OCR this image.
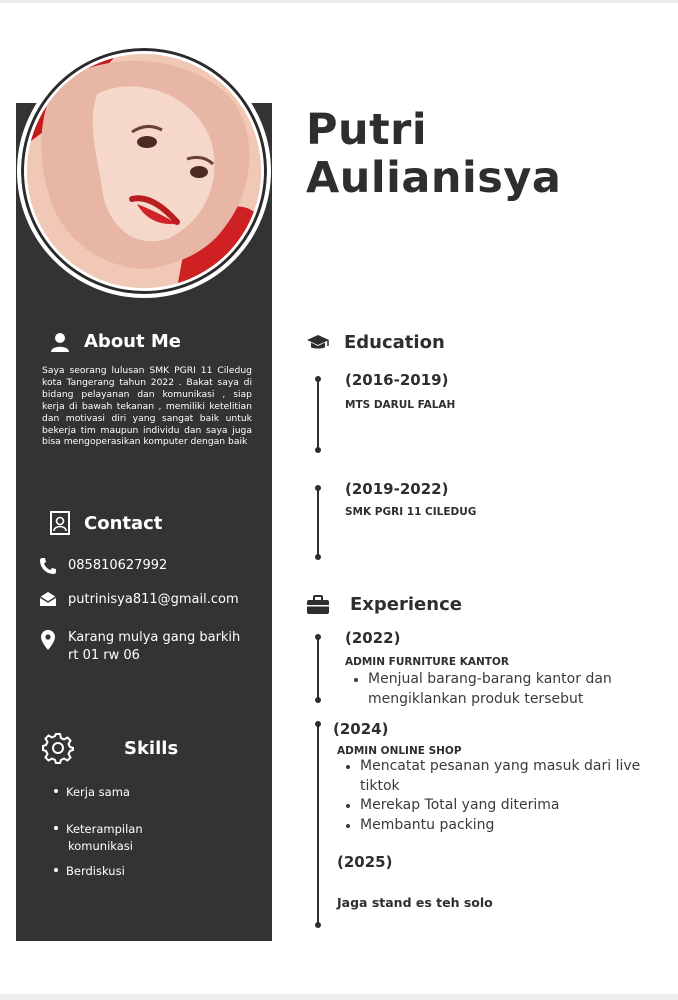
Putri
Aulianisya
About Me
Saya seorang lulusan SMK PGRI 11 Ciledug kota Tangerang tahun 2022 . Bakat saya di bidang pelayanan dan komunikasi , siap kerja di bawah tekanan , memiliki ketelitian dan motivasi diri yang sangat baik untuk bekerja tim maupun individu dan saya juga bisa mengoperasikan komputer dengan baik
Contact
085810627992
putrinisya811@gmail.com
Karang mulya gang barkih
rt 01 rw 06
Skills
Kerja sama
Keterampilan
komunikasi
Berdiskusi
Education
(2016-2019)
MTS DARUL FALAH
(2019-2022)
SMK PGRI 11 CILEDUG
Experience
(2022)
ADMIN FURNITURE KANTOR
Menjual barang-barang kantor dan
mengiklankan produk tersebut
(2024)
ADMIN ONLINE SHOP
Mencatat pesanan yang masuk dari live
tiktok
Merekap Total yang diterima
Membantu packing
(2025)
Jaga stand es teh solo
